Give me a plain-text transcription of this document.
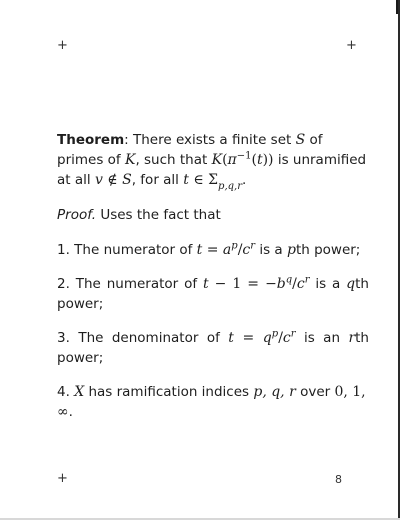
+	+
+	8

Theorem: There exists a finite set S of primes of K, such that $K(\pi^{-1}(t))$ is unramified at all v ∉ S, for all t ∈ $\Sigma_{p,q,r}$.

Proof. Uses the fact that

1. The numerator of $t = a^p/c^r$ is a pth power;

2. The numerator of $t - 1 = -b^q/c^r$ is a qth power;

3. The denominator of $t = q^p/c^r$ is an rth power;

4. X has ramification indices p, q, r over 0, 1, ∞.
